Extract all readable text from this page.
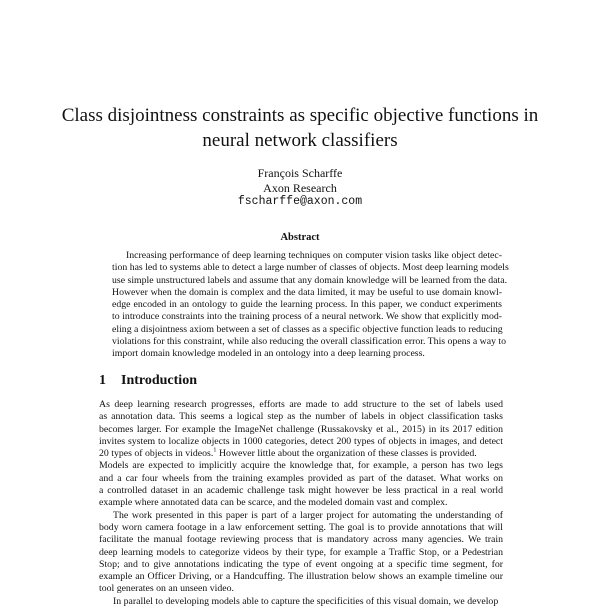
Class disjointness constraints as specific objective functions in
neural network classifiers
François Scharffe
Axon Research
fscharffe@axon.com
Abstract
Increasing performance of deep learning techniques on computer vision tasks like object detec-
tion has led to systems able to detect a large number of classes of objects. Most deep learning models
use simple unstructured labels and assume that any domain knowledge will be learned from the data.
However when the domain is complex and the data limited, it may be useful to use domain knowl-
edge encoded in an ontology to guide the learning process. In this paper, we conduct experiments
to introduce constraints into the training process of a neural network. We show that explicitly mod-
eling a disjointness axiom between a set of classes as a specific objective function leads to reducing
violations for this constraint, while also reducing the overall classification error. This opens a way to
import domain knowledge modeled in an ontology into a deep learning process.
1 Introduction
As deep learning research progresses, efforts are made to add structure to the set of labels used
as annotation data. This seems a logical step as the number of labels in object classification tasks
becomes larger. For example the ImageNet challenge (Russakovsky et al., 2015) in its 2017 edition
invites system to localize objects in 1000 categories, detect 200 types of objects in images, and detect
20 types of objects in videos.$^1$ However little about the organization of these classes is provided.
Models are expected to implicitly acquire the knowledge that, for example, a person has two legs
and a car four wheels from the training examples provided as part of the dataset. What works on
a controlled dataset in an academic challenge task might however be less practical in a real world
example where annotated data can be scarce, and the modeled domain vast and complex.
The work presented in this paper is part of a larger project for automating the understanding of
body worn camera footage in a law enforcement setting. The goal is to provide annotations that will
facilitate the manual footage reviewing process that is mandatory across many agencies. We train
deep learning models to categorize videos by their type, for example a Traffic Stop, or a Pedestrian
Stop; and to give annotations indicating the type of event ongoing at a specific time segment, for
example an Officer Driving, or a Handcuffing. The illustration below shows an example timeline our
tool generates on an unseen video.
In parallel to developing models able to capture the specificities of this visual domain, we develop
